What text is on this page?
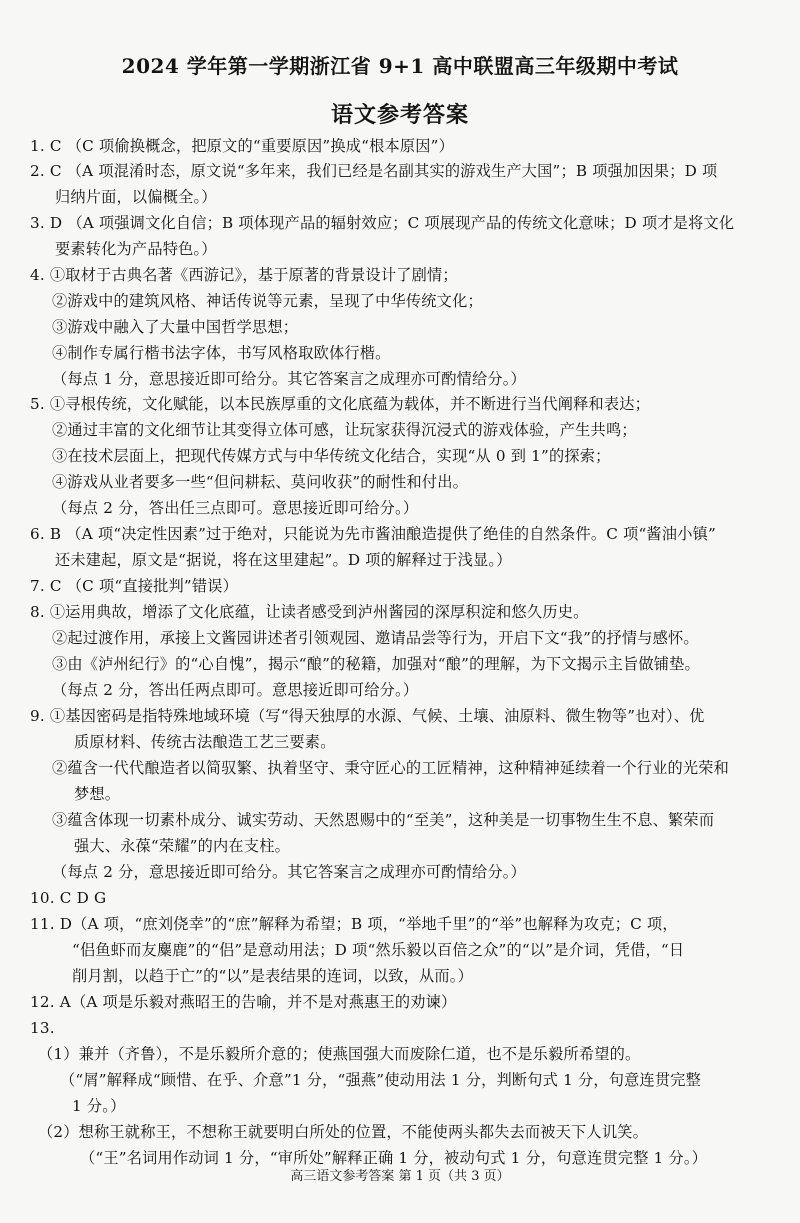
2024 学年第一学期浙江省 9+1 高中联盟高三年级期中考试
语文参考答案
1. C （C 项偷换概念，把原文的“重要原因”换成“根本原因”）
2. C （A 项混淆时态，原文说“多年来，我们已经是名副其实的游戏生产大国”；B 项强加因果；D 项
归纳片面，以偏概全。）
3. D （A 项强调文化自信；B 项体现产品的辐射效应；C 项展现产品的传统文化意味；D 项才是将文化
要素转化为产品特色。）
4. ①取材于古典名著《西游记》，基于原著的背景设计了剧情；
②游戏中的建筑风格、神话传说等元素，呈现了中华传统文化；
③游戏中融入了大量中国哲学思想；
④制作专属行楷书法字体，书写风格取欧体行楷。
（每点 1 分，意思接近即可给分。其它答案言之成理亦可酌情给分。）
5. ①寻根传统，文化赋能，以本民族厚重的文化底蕴为载体，并不断进行当代阐释和表达；
②通过丰富的文化细节让其变得立体可感，让玩家获得沉浸式的游戏体验，产生共鸣；
③在技术层面上，把现代传媒方式与中华传统文化结合，实现“从 0 到 1”的探索；
④游戏从业者要多一些“但问耕耘、莫问收获”的耐性和付出。
（每点 2 分，答出任三点即可。意思接近即可给分。）
6. B （A 项“决定性因素”过于绝对，只能说为先市酱油酿造提供了绝佳的自然条件。C 项“酱油小镇”
还未建起，原文是“据说，将在这里建起”。D 项的解释过于浅显。）
7. C （C 项“直接批判”错误）
8. ①运用典故，增添了文化底蕴，让读者感受到泸州酱园的深厚积淀和悠久历史。
②起过渡作用，承接上文酱园讲述者引领观园、邀请品尝等行为，开启下文“我”的抒情与感怀。
③由《泸州纪行》的“心自愧”，揭示“酿”的秘籍，加强对“酿”的理解，为下文揭示主旨做铺垫。
（每点 2 分，答出任两点即可。意思接近即可给分。）
9. ①基因密码是指特殊地域环境（写“得天独厚的水源、气候、土壤、油原料、微生物等”也对）、优
质原材料、传统古法酿造工艺三要素。
②蕴含一代代酿造者以简驭繁、执着坚守、秉守匠心的工匠精神，这种精神延续着一个行业的光荣和
梦想。
③蕴含体现一切素朴成分、诚实劳动、天然恩赐中的“至美”，这种美是一切事物生生不息、繁荣而
强大、永葆“荣耀”的内在支柱。
（每点 2 分，意思接近即可给分。其它答案言之成理亦可酌情给分。）
10. C D G
11. D（A 项，“庶刘侥幸”的“庶”解释为希望；B 项，“举地千里”的“举”也解释为攻克；C 项，
“侣鱼虾而友麋鹿”的“侣”是意动用法；D 项“然乐毅以百倍之众”的“以”是介词，凭借，“日
削月割，以趋于亡”的“以”是表结果的连词，以致，从而。）
12. A（A 项是乐毅对燕昭王的告喻，并不是对燕惠王的劝谏）
13.
（1）兼并（齐鲁），不是乐毅所介意的；使燕国强大而废除仁道，也不是乐毅所希望的。
（“屑”解释成“顾惜、在乎、介意”1 分，“强燕”使动用法 1 分，判断句式 1 分，句意连贯完整
1 分。）
（2）想称王就称王，不想称王就要明白所处的位置，不能使两头都失去而被天下人讥笑。
（“王”名词用作动词 1 分，“审所处”解释正确 1 分，被动句式 1 分，句意连贯完整 1 分。）
高三语文参考答案 第 1 页（共 3 页）
